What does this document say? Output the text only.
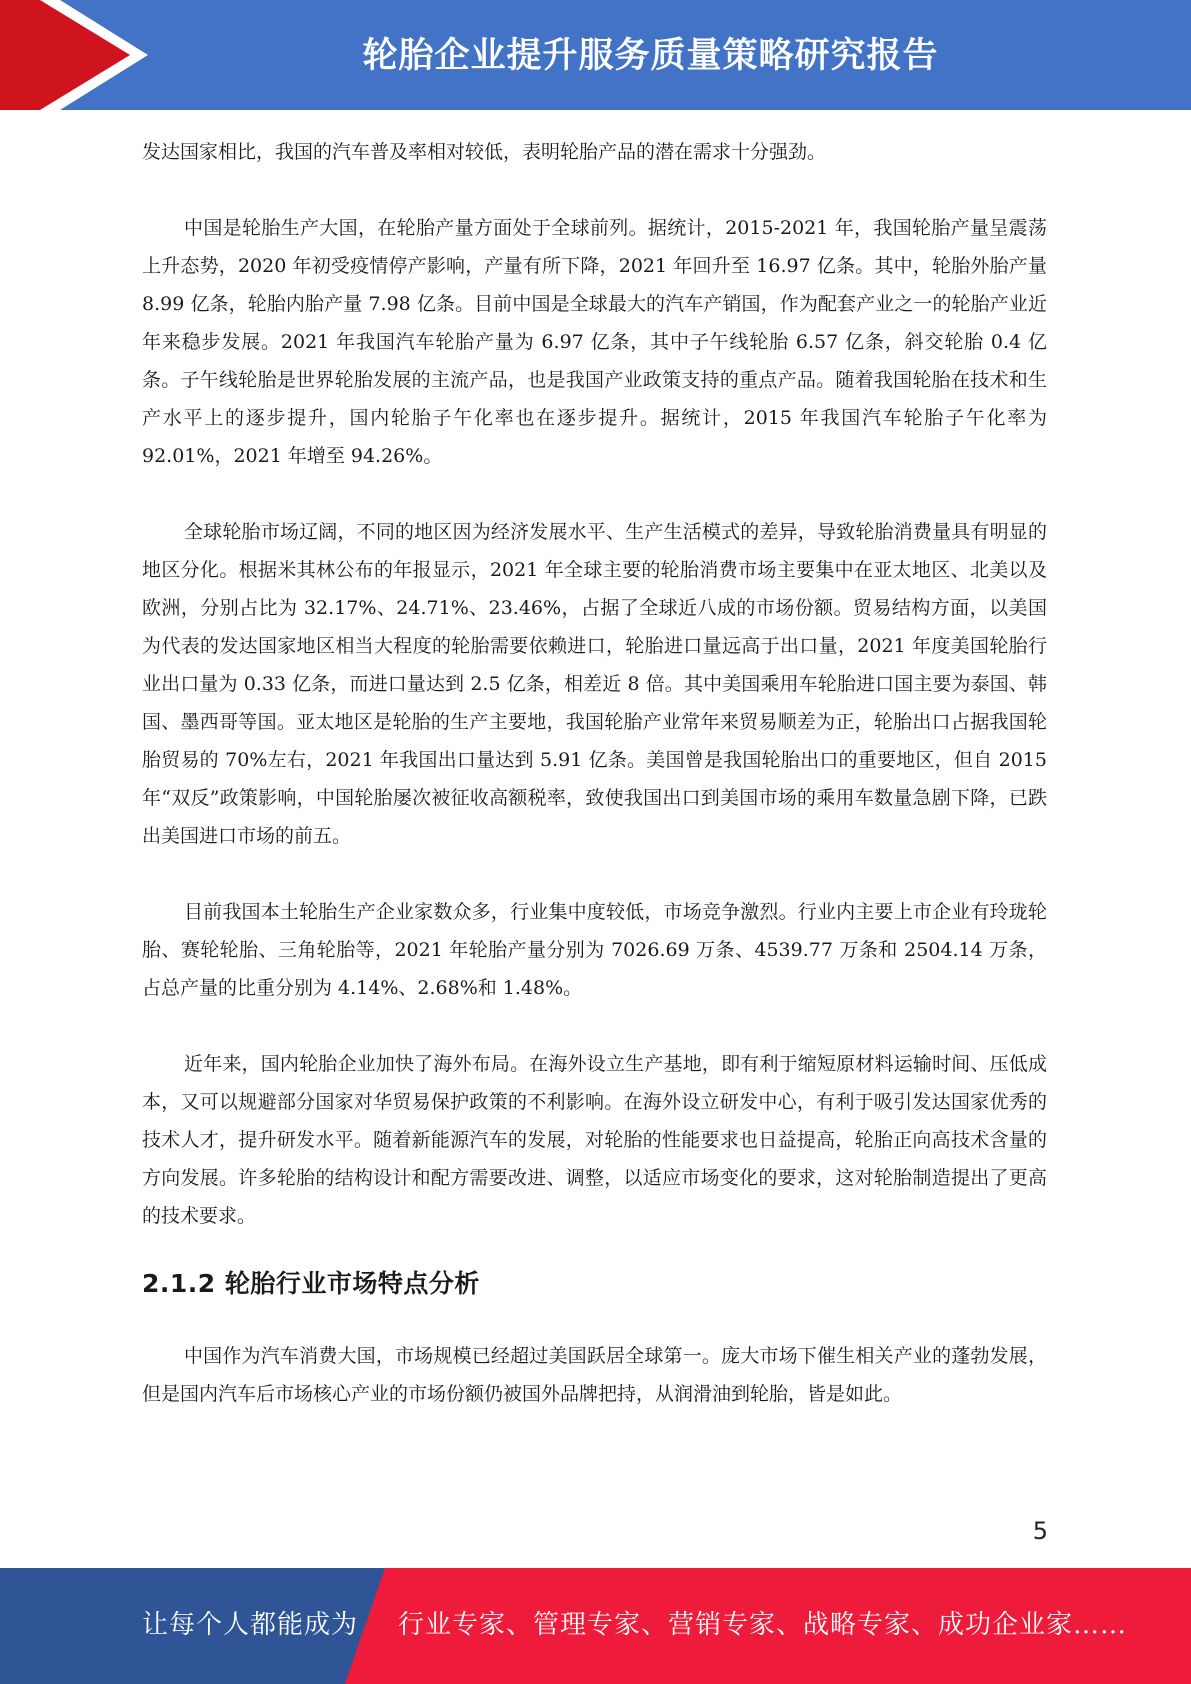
轮胎企业提升服务质量策略研究报告

发达国家相比，我国的汽车普及率相对较低，表明轮胎产品的潜在需求十分强劲。

中国是轮胎生产大国，在轮胎产量方面处于全球前列。据统计，2015-2021 年，我国轮胎产量呈震荡上升态势，2020 年初受疫情停产影响，产量有所下降，2021 年回升至 16.97 亿条。其中，轮胎外胎产量 8.99 亿条，轮胎内胎产量 7.98 亿条。目前中国是全球最大的汽车产销国，作为配套产业之一的轮胎产业近年来稳步发展。2021 年我国汽车轮胎产量为 6.97 亿条，其中子午线轮胎 6.57 亿条，斜交轮胎 0.4 亿条。子午线轮胎是世界轮胎发展的主流产品，也是我国产业政策支持的重点产品。随着我国轮胎在技术和生产水平上的逐步提升，国内轮胎子午化率也在逐步提升。据统计，2015 年我国汽车轮胎子午化率为 92.01%，2021 年增至 94.26%。

全球轮胎市场辽阔，不同的地区因为经济发展水平、生产生活模式的差异，导致轮胎消费量具有明显的地区分化。根据米其林公布的年报显示，2021 年全球主要的轮胎消费市场主要集中在亚太地区、北美以及欧洲，分别占比为 32.17%、24.71%、23.46%，占据了全球近八成的市场份额。贸易结构方面，以美国为代表的发达国家地区相当大程度的轮胎需要依赖进口，轮胎进口量远高于出口量，2021 年度美国轮胎行业出口量为 0.33 亿条，而进口量达到 2.5 亿条，相差近 8 倍。其中美国乘用车轮胎进口国主要为泰国、韩国、墨西哥等国。亚太地区是轮胎的生产主要地，我国轮胎产业常年来贸易顺差为正，轮胎出口占据我国轮胎贸易的 70%左右，2021 年我国出口量达到 5.91 亿条。美国曾是我国轮胎出口的重要地区，但自 2015 年“双反”政策影响，中国轮胎屡次被征收高额税率，致使我国出口到美国市场的乘用车数量急剧下降，已跌出美国进口市场的前五。

目前我国本土轮胎生产企业家数众多，行业集中度较低，市场竞争激烈。行业内主要上市企业有玲珑轮胎、赛轮轮胎、三角轮胎等，2021 年轮胎产量分别为 7026.69 万条、4539.77 万条和 2504.14 万条，占总产量的比重分别为 4.14%、2.68%和 1.48%。

近年来，国内轮胎企业加快了海外布局。在海外设立生产基地，即有利于缩短原材料运输时间、压低成本，又可以规避部分国家对华贸易保护政策的不利影响。在海外设立研发中心，有利于吸引发达国家优秀的技术人才，提升研发水平。随着新能源汽车的发展，对轮胎的性能要求也日益提高，轮胎正向高技术含量的方向发展。许多轮胎的结构设计和配方需要改进、调整，以适应市场变化的要求，这对轮胎制造提出了更高的技术要求。

2.1.2 轮胎行业市场特点分析

中国作为汽车消费大国，市场规模已经超过美国跃居全球第一。庞大市场下催生相关产业的蓬勃发展，但是国内汽车后市场核心产业的市场份额仍被国外品牌把持，从润滑油到轮胎，皆是如此。

5
让每个人都能成为 行业专家、管理专家、营销专家、战略专家、成功企业家……
